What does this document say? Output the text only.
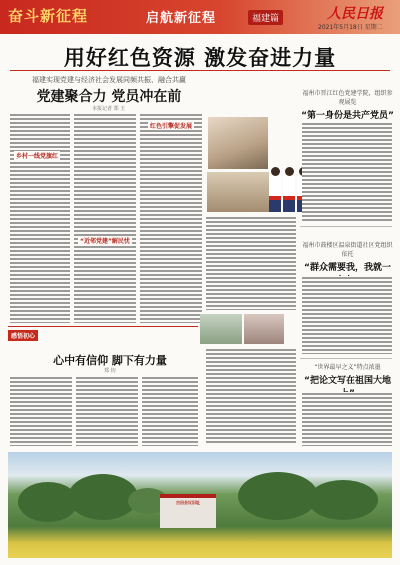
奋斗新征程	启航新征程	福建篇	人民日报
2021年5月18日 星期二
用好红色资源 激发奋进力量
福建实现党建与经济社会发展同频共振、融合共赢
党建聚合力 党员冲在前
本报记者 郑 玉
乡村一线党旗红
“近邻党建”解民忧
红色引擎促发展
福州市晋江红色党建学院，组织参观展览
“第一身份是共产党员”
福州市鼓楼区温泉街道社区党组织依托
“群众需要我，我就一
“世界最早之义”特点浓墨
“把论文写在祖国大地
感悟初心
心中有信仰 脚下有力量
郑 钧
古田会议旧址
